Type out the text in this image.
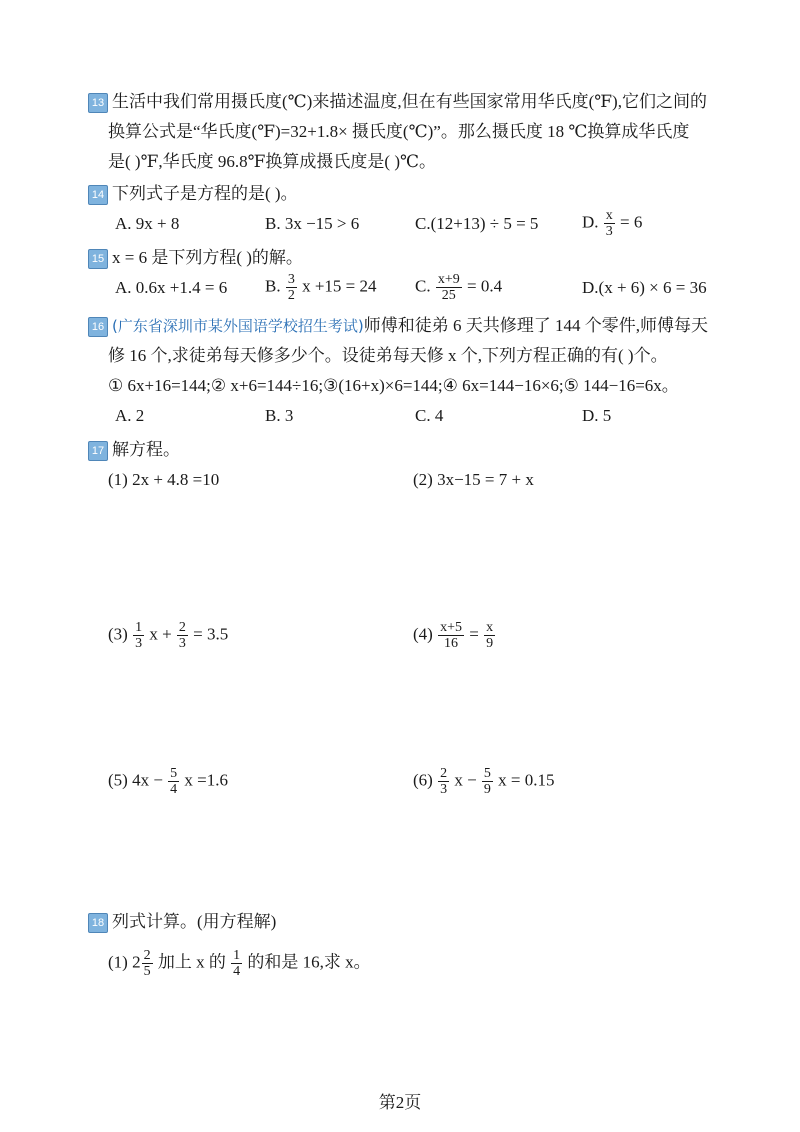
13 生活中我们常用摄氏度(℃)来描述温度,但在有些国家常用华氏度(℉),它们之间的
换算公式是“华氏度(℉)=32+1.8× 摄氏度(℃)”。那么摄氏度 18 ℃换算成华氏度
是( )℉,华氏度 96.8℉换算成摄氏度是( )℃。
14 下列式子是方程的是( )。
A. 9x + 8	B. 3x −15 > 6	C.(12+13) ÷ 5 = 5	D. $\frac{x}{3} = 6$
15 x = 6 是下列方程( )的解。
A. 0.6x +1.4 = 6 B. $\frac{3}{2}$ x +15 = 24 C. $\frac{x+9}{25} = 0.4$	D.(x + 6) × 6 = 36
16 (广东省深圳市某外国语学校招生考试)师傅和徒弟 6 天共修理了 144 个零件,师傅每天
修 16 个,求徒弟每天修多少个。设徒弟每天修 x 个,下列方程正确的有( )个。
① 6x+16=144;② x+6=144÷16;③(16+x)×6=144;④ 6x=144−16×6;⑤ 144−16=6x。
A. 2	B. 3	C. 4	D. 5
17 解方程。
(1) 2x + 4.8 =10	(2) 3x−15 = 7 + x
$(3) \frac{1}{3}$ $x + \frac{2}{3} = 3.5$	$(4) \frac{x+5}{16} = \frac{x}{9}$
(5) $4x - \frac{5}{4}$ x =1.6	$(6) \frac{2}{3}$ $x - \frac{5}{9}$ x = 0.15
18 列式计算。(用方程解)
(1) $2 \frac{2}{5}$ 加上 x 的 $\frac{1}{4}$ 的和是 16,求 x。
第2页
